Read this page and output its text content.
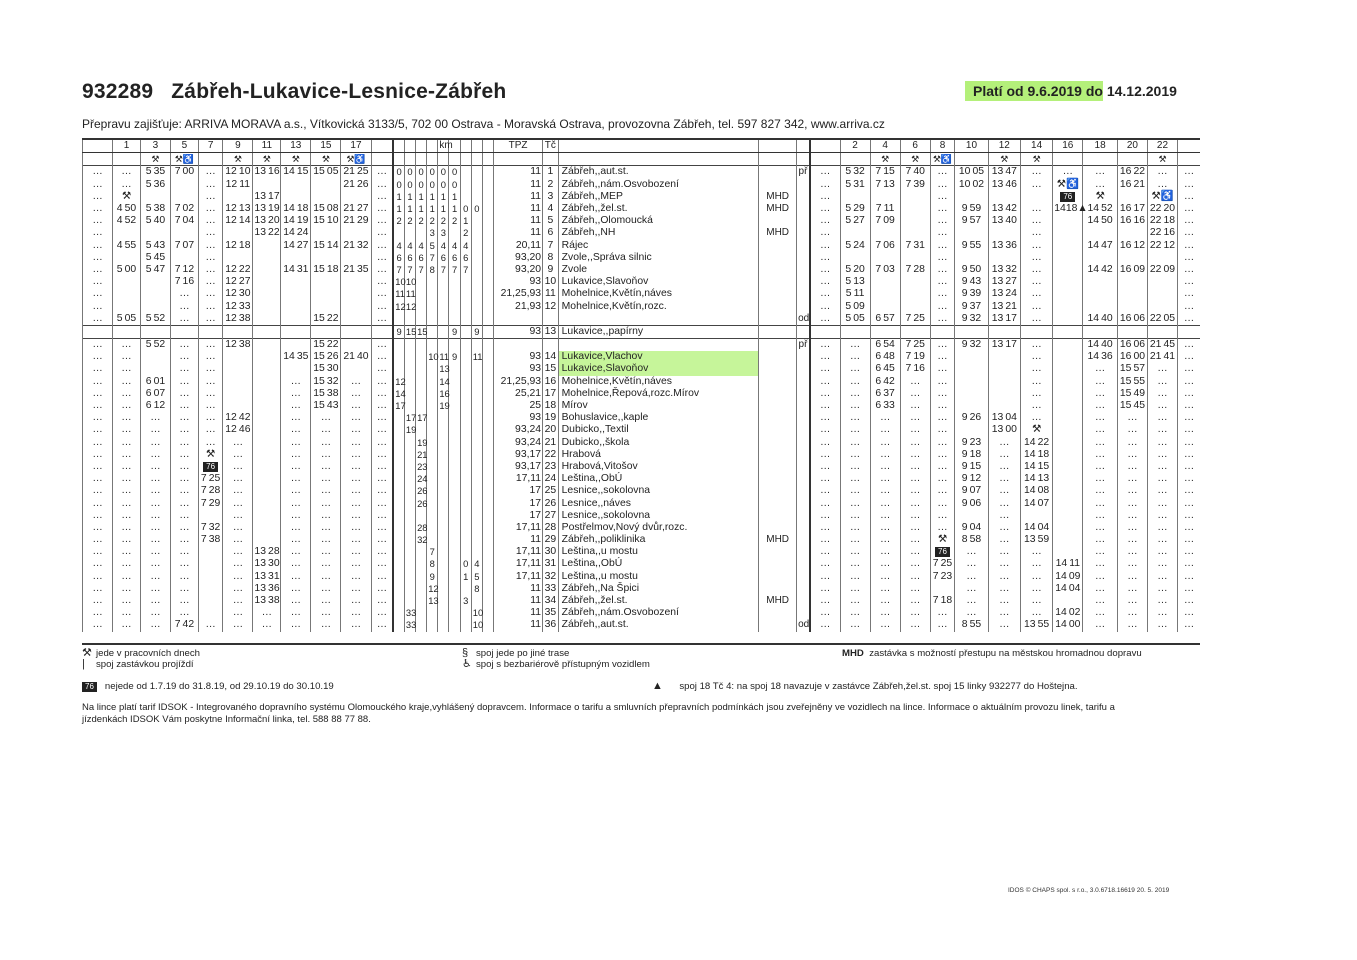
932289 Zábřeh-Lukavice-Lesnice-Zábřeh	Platí od 9.6.2019 do 14.12.2019
Přepravu zajišťuje: ARRIVA MORAVA a.s., Vítkovická 3133/5, 702 00 Ostrava - Moravská Ostrava, provozovna Zábřeh, tel. 597 827 342, www.arriva.cz
	1	3	5	7	9	11	13	15	17						km					TPZ	Tč					2	4	6	8	10	12	14	16	18	20	22	
		⚒	⚒♿		⚒	⚒	⚒	⚒	⚒♿																		⚒	⚒	⚒♿		⚒	⚒				⚒	
…	…	5 35	7 00	…	12 10	13 16	14 15	15 05	21 25	…	0	0	0	0	0	0				11	1	Zábřeh,,aut.st.		př	…	5 32	7 15	7 40	…	10 05	13 47	…	…	…	16 22	…	…
…	…	5 36		…	12 11				21 26	…	0	0	0	0	0	0				11	2	Zábřeh,,nám.Osvobození			…	5 31	7 13	7 39	…	10 02	13 46	…	⚒♿	…	16 21	…	…
…	⚒			…		13 17				…	1	1	1	1	1	1				11	3	Zábřeh,,MEP	MHD		…				…				76	⚒		⚒♿	…
…	4 50	5 38	7 02	…	12 13	13 19	14 18	15 08	21 27	…	1	1	1	1	1	1	0	0		11	4	Zábřeh,,žel.st.	MHD		…	5 29	7 11		…	9 59	13 42	…	1418▲	14 52	16 17	22 20	…
…	4 52	5 40	7 04	…	12 14	13 20	14 19	15 10	21 29	…	2	2	2	2	2	2	1			11	5	Zábřeh,,Olomoucká			…	5 27	7 09		…	9 57	13 40	…		14 50	16 16	22 18	…
…				…		13 22	14 24			…				3	3		2			11	6	Zábřeh,,NH	MHD		…				…			…				22 16	…
…	4 55	5 43	7 07	…	12 18		14 27	15 14	21 32	…	4	4	4	5	4	4	4			20,11	7	Rájec			…	5 24	7 06	7 31	…	9 55	13 36	…		14 47	16 12	22 12	…
…		5 45		…						…	6	6	6	7	6	6	6			93,20	8	Zvole,,Správa silnic			…				…			…					…
…	5 00	5 47	7 12	…	12 22		14 31	15 18	21 35	…	7	7	7	8	7	7	7			93,20	9	Zvole			…	5 20	7 03	7 28	…	9 50	13 32	…		14 42	16 09	22 09	…
…			7 16	…	12 27					…	10	10								93	10	Lukavice,Slavoňov			…	5 13			…	9 43	13 27	…					…
…			…	…	12 30					…	11	11								21,25,93	11	Mohelnice,Květín,náves			…	5 11			…	9 39	13 24	…					…
…			…	…	12 33					…	12	12								21,93	12	Mohelnice,Květín,rozc.			…	5 09			…	9 37	13 21	…					…
…	5 05	5 52	…	…	12 38			15 22		…														od	…	5 05	6 57	7 25	…	9 32	13 17	…		14 40	16 06	22 05	…
											9	15	15			9		9		93	13	Lukavice,,papírny															
…	…	5 52	…	…	12 38			15 22		…														př	…	…	6 54	7 25	…	9 32	13 17	…		14 40	16 06	21 45	…
…	…		…	…			14 35	15 26	21 40	…				10	11	9		11		93	14	Lukavice,Vlachov			…	…	6 48	7 19	…			…		14 36	16 00	21 41	…
…	…		…	…				15 30		…					13					93	15	Lukavice,Slavoňov			…	…	6 45	7 16	…			…		…	15 57	…	…
…	…	6 01	…	…			…	15 32	…	…	12				14					21,25,93	16	Mohelnice,Květín,náves			…	…	6 42	…	…			…		…	15 55	…	…
…	…	6 07	…	…			…	15 38	…	…	14				16					25,21	17	Mohelnice,Řepová,rozc.Mírov			…	…	6 37	…	…			…		…	15 49	…	…
…	…	6 12	…	…			…	15 43	…	…	17				19					25	18	Mírov			…	…	6 33	…	…			…		…	15 45	…	…
…	…	…	…	…	12 42		…	…	…	…		17	17							93	19	Bohuslavice,,kaple			…	…	…	…	…	9 26	13 04	…		…	…	…	…
…	…	…	…	…	12 46		…	…	…	…		19								93,24	20	Dubicko,,Textil			…	…	…	…	…		13 00	⚒		…	…	…	…
…	…	…	…	…	…		…	…	…	…			19							93,24	21	Dubicko,,škola			…	…	…	…	…	9 23	…	14 22		…	…	…	…
…	…	…	…	⚒	…		…	…	…	…			21							93,17	22	Hrabová			…	…	…	…	…	9 18	…	14 18		…	…	…	…
…	…	…	…	76	…		…	…	…	…			23							93,17	23	Hrabová,Vitošov			…	…	…	…	…	9 15	…	14 15		…	…	…	…
…	…	…	…	7 25	…		…	…	…	…			24							17,11	24	Leština,,ObÚ			…	…	…	…	…	9 12	…	14 13		…	…	…	…
…	…	…	…	7 28	…		…	…	…	…			26							17	25	Lesnice,,sokolovna			…	…	…	…	…	9 07	…	14 08		…	…	…	…
…	…	…	…	7 29	…		…	…	…	…			26							17	26	Lesnice,,náves			…	…	…	…	…	9 06	…	14 07		…	…	…	…
…	…	…	…		…		…	…	…	…										17	27	Lesnice,,sokolovna			…	…	…	…	…		…			…	…	…	…
…	…	…	…	7 32	…		…	…	…	…			28							17,11	28	Postřelmov,Nový dvůr,rozc.			…	…	…	…	…	9 04	…	14 04		…	…	…	…
…	…	…	…	7 38	…		…	…	…	…			32							11	29	Zábřeh,,poliklinika	MHD		…	…	…	…	⚒	8 58	…	13 59		…	…	…	…
…	…	…	…		…	13 28	…	…	…	…				7						17,11	30	Leština,,u mostu			…	…	…	…	76	…	…	…		…	…	…	…
…	…	…	…		…	13 30	…	…	…	…				8			0	4		17,11	31	Leština,,ObÚ			…	…	…	…	7 25	…	…	…	14 11	…	…	…	…
…	…	…	…		…	13 31	…	…	…	…				9			1	5		17,11	32	Leština,,u mostu			…	…	…	…	7 23	…	…	…	14 09	…	…	…	…
…	…	…	…		…	13 36	…	…	…	…				12				8		11	33	Zábřeh,,Na Špici			…	…	…	…		…	…	…	14 04	…	…	…	…
…	…	…	…		…	13 38	…	…	…	…				13			3			11	34	Zábřeh,,žel.st.	MHD		…	…	…	…	7 18	…	…	…		…	…	…	…
…	…	…	…		…	…	…	…	…	…		33						10		11	35	Zábřeh,,nám.Osvobození			…	…	…	…	…	…	…	…	14 02	…	…	…	…
…	…	…	7 42	…	…	…	…	…	…	…		33						10		11	36	Zábřeh,,aut.st.		od	…	…	…	…	…	8 55	…	13 55	14 00	…	…	…	…
⚒ jede v pracovních dnech
| spoj zastávkou projíždí
§ spoj jede po jiné trase
♿ spoj s bezbariérově přístupným vozidlem
MHD zastávka s možností přestupu na městskou hromadnou dopravu
76 nejede od 1.7.19 do 31.8.19, od 29.10.19 do 30.10.19	▲ spoj 18 Tč 4: na spoj 18 navazuje v zastávce Zábřeh,žel.st. spoj 15 linky 932277 do Hoštejna.
Na lince platí tarif IDSOK - Integrovaného dopravního systému Olomouckého kraje,vyhlášený dopravcem. Informace o tarifu a smluvních přepravních podmínkách jsou zveřejněny ve vozidlech na lince. Informace o aktuálním provozu linek, tarifu a jízdenkách IDSOK Vám poskytne Informační linka, tel. 588 88 77 88.
IDOS © CHAPS spol. s r.o., 3.0.6718.16619 20. 5. 2019
